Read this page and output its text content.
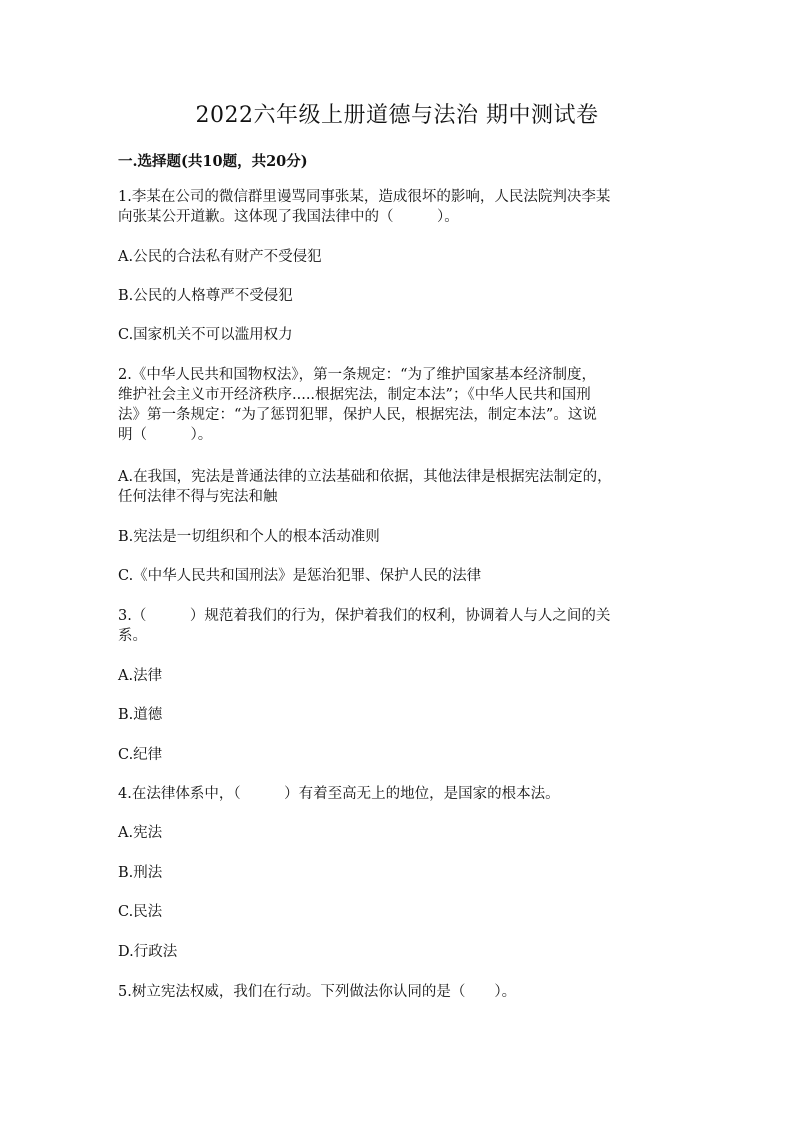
2022六年级上册道德与法治 期中测试卷
一.选择题(共10题，共20分)
1.李某在公司的微信群里谩骂同事张某，造成很坏的影响，人民法院判决李某
向张某公开道歉。这体现了我国法律中的（　　　）。
A.公民的合法私有财产不受侵犯
B.公民的人格尊严不受侵犯
C.国家机关不可以滥用权力
2.《中华人民共和国物权法》，第一条规定：“为了维护国家基本经济制度，
维护社会主义市开经济秩序.....根据宪法，制定本法”；《中华人民共和国刑
法》第一条规定：“为了惩罚犯罪，保护人民，根据宪法，制定本法”。这说
明（　　　）。
A.在我国，宪法是普通法律的立法基础和依据，其他法律是根据宪法制定的，
任何法律不得与宪法和触
B.宪法是一切组织和个人的根本活动准则
C.《中华人民共和国刑法》是惩治犯罪、保护人民的法律
3.（　　　）规范着我们的行为，保护着我们的权利，协调着人与人之间的关
系。
A.法律
B.道德
C.纪律
4.在法律体系中，（　　　）有着至高无上的地位，是国家的根本法。
A.宪法
B.刑法
C.民法
D.行政法
5.树立宪法权威，我们在行动。下列做法你认同的是（　　）。
